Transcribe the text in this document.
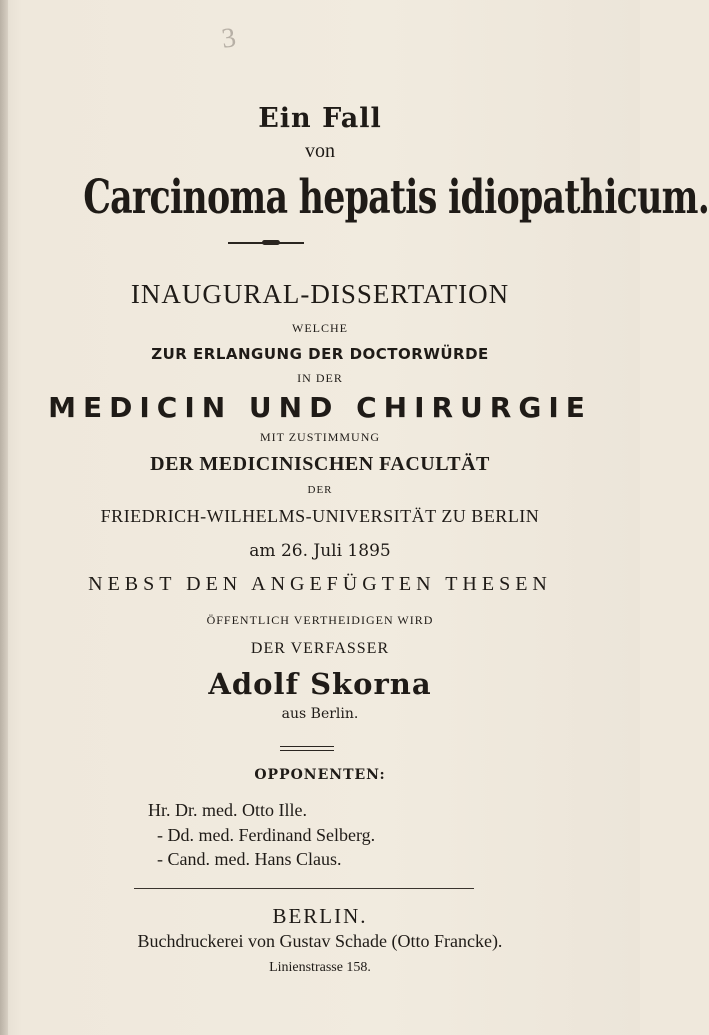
3
Ein Fall
von
Carcinoma hepatis idiopathicum.
INAUGURAL-DISSERTATION
WELCHE
ZUR ERLANGUNG DER DOCTORWÜRDE
IN DER
MEDICIN UND CHIRURGIE
MIT ZUSTIMMUNG
DER MEDICINISCHEN FACULTÄT
DER
FRIEDRICH-WILHELMS-UNIVERSITÄT ZU BERLIN
am 26. Juli 1895
NEBST DEN ANGEFÜGTEN THESEN
ÖFFENTLICH VERTHEIDIGEN WIRD
DER VERFASSER
Adolf Skorna
aus Berlin.
OPPONENTEN:
Hr. Dr. med. Otto Ille.
- Dd. med. Ferdinand Selberg.
- Cand. med. Hans Claus.
BERLIN.
Buchdruckerei von Gustav Schade (Otto Francke).
Linienstrasse 158.
